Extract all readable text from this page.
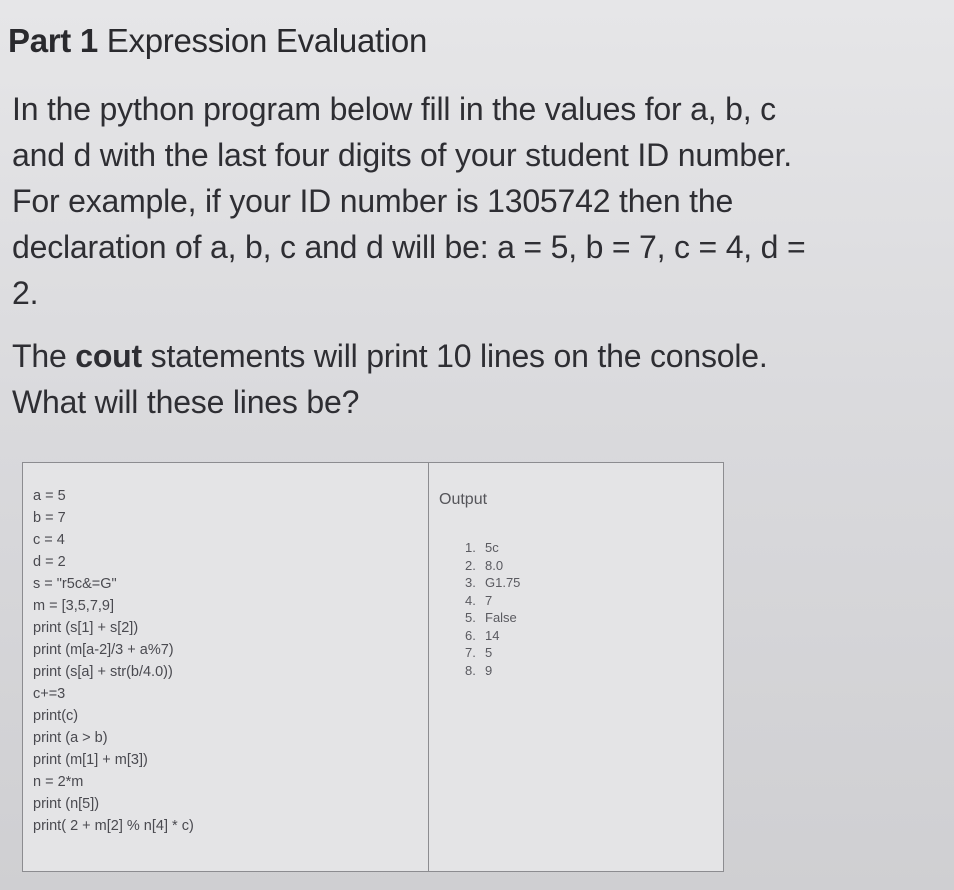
Part 1 Expression Evaluation
In the python program below fill in the values for a, b, c
and d with the last four digits of your student ID number.
For example, if your ID number is 1305742 then the
declaration of a, b, c and d will be: a = 5, b = 7, c = 4, d =
2.
The cout statements will print 10 lines on the console.
What will these lines be?
a = 5
b = 7
c = 4
d = 2
s = "r5c&=G"
m = [3,5,7,9]
print (s[1] + s[2])
print (m[a-2]/3 + a%7)
print (s[a] + str(b/4.0))
c+=3
print(c)
print (a > b)
print (m[1] + m[3])
n = 2*m
print (n[5])
print( 2 + m[2] % n[4] * c)
Output
1. 5c
2. 8.0
3. G1.75
4. 7
5. False
6. 14
7. 5
8. 9
